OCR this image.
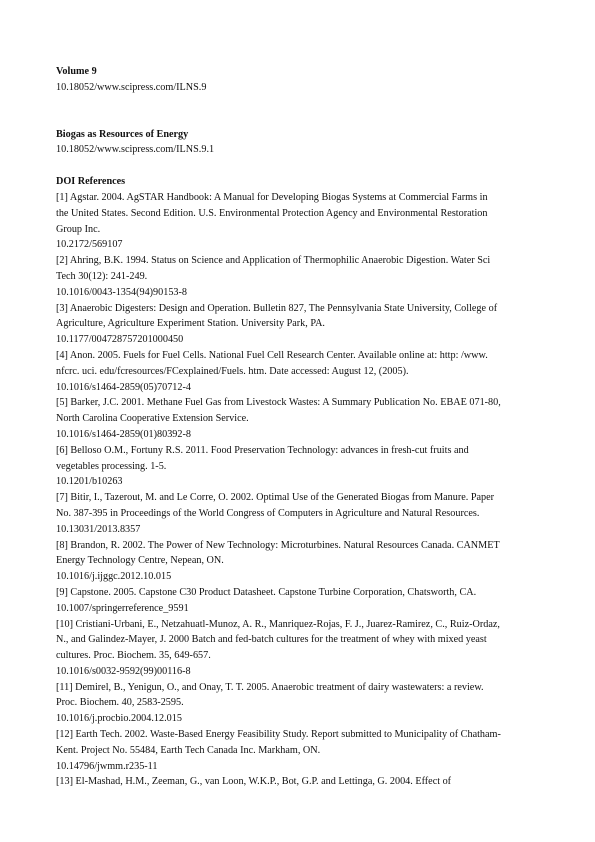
Volume 9
10.18052/www.scipress.com/ILNS.9
Biogas as Resources of Energy
10.18052/www.scipress.com/ILNS.9.1
DOI References
[1] Agstar. 2004. AgSTAR Handbook: A Manual for Developing Biogas Systems at Commercial Farms in
the United States. Second Edition. U.S. Environmental Protection Agency and Environmental Restoration
Group Inc.
10.2172/569107
[2] Ahring, B.K. 1994. Status on Science and Application of Thermophilic Anaerobic Digestion. Water Sci
Tech 30(12): 241-249.
10.1016/0043-1354(94)90153-8
[3] Anaerobic Digesters: Design and Operation. Bulletin 827, The Pennsylvania State University, College of
Agriculture, Agriculture Experiment Station. University Park, PA.
10.1177/004728757201000450
[4] Anon. 2005. Fuels for Fuel Cells. National Fuel Cell Research Center. Available online at: http: /www.
nfcrc. uci. edu/fcresources/FCexplained/Fuels. htm. Date accessed: August 12, (2005).
10.1016/s1464-2859(05)70712-4
[5] Barker, J.C. 2001. Methane Fuel Gas from Livestock Wastes: A Summary Publication No. EBAE 071-80,
North Carolina Cooperative Extension Service.
10.1016/s1464-2859(01)80392-8
[6] Belloso O.M., Fortuny R.S. 2011. Food Preservation Technology: advances in fresh-cut fruits and
vegetables processing. 1-5.
10.1201/b10263
[7] Bitir, I., Tazerout, M. and Le Corre, O. 2002. Optimal Use of the Generated Biogas from Manure. Paper
No. 387-395 in Proceedings of the World Congress of Computers in Agriculture and Natural Resources.
10.13031/2013.8357
[8] Brandon, R. 2002. The Power of New Technology: Microturbines. Natural Resources Canada. CANMET
Energy Technology Centre, Nepean, ON.
10.1016/j.ijggc.2012.10.015
[9] Capstone. 2005. Capstone C30 Product Datasheet. Capstone Turbine Corporation, Chatsworth, CA.
10.1007/springerreference_9591
[10] Cristiani-Urbani, E., Netzahuatl-Munoz, A. R., Manriquez-Rojas, F. J., Juarez-Ramirez, C., Ruiz-Ordaz,
N., and Galindez-Mayer, J. 2000 Batch and fed-batch cultures for the treatment of whey with mixed yeast
cultures. Proc. Biochem. 35, 649-657.
10.1016/s0032-9592(99)00116-8
[11] Demirel, B., Yenigun, O., and Onay, T. T. 2005. Anaerobic treatment of dairy wastewaters: a review.
Proc. Biochem. 40, 2583-2595.
10.1016/j.procbio.2004.12.015
[12] Earth Tech. 2002. Waste-Based Energy Feasibility Study. Report submitted to Municipality of Chatham-
Kent. Project No. 55484, Earth Tech Canada Inc. Markham, ON.
10.14796/jwmm.r235-11
[13] El-Mashad, H.M., Zeeman, G., van Loon, W.K.P., Bot, G.P. and Lettinga, G. 2004. Effect of
